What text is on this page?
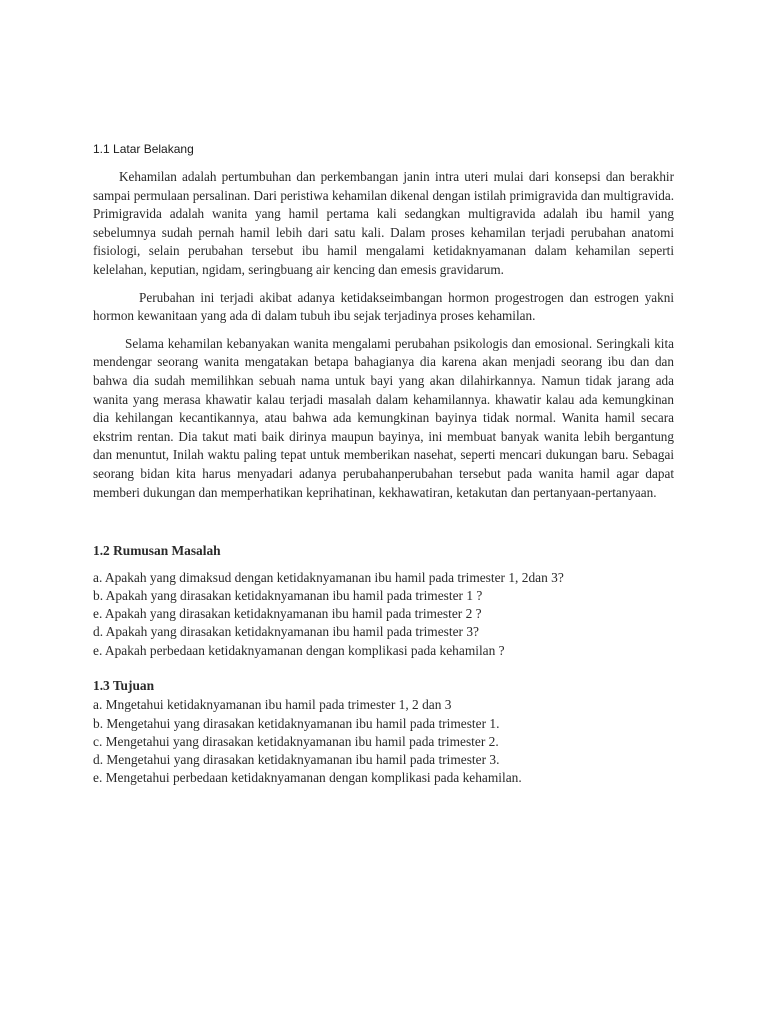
1.1 Latar Belakang

Kehamilan adalah pertumbuhan dan perkembangan janin intra uteri mulai dari konsepsi dan berakhir sampai permulaan persalinan. Dari peristiwa kehamilan dikenal dengan istilah primigravida dan multigravida. Primigravida adalah wanita yang hamil pertama kali sedangkan multigravida adalah ibu hamil yang sebelumnya sudah pernah hamil lebih dari satu kali. Dalam proses kehamilan terjadi perubahan anatomi fisiologi, selain perubahan tersebut ibu hamil mengalami ketidaknyamanan dalam kehamilan seperti kelelahan, keputian, ngidam, seringbuang air kencing dan emesis gravidarum.

Perubahan ini terjadi akibat adanya ketidakseimbangan hormon progestrogen dan estrogen yakni hormon kewanitaan yang ada di dalam tubuh ibu sejak terjadinya proses kehamilan.

Selama kehamilan kebanyakan wanita mengalami perubahan psikologis dan emosional. Seringkali kita mendengar seorang wanita mengatakan betapa bahagianya dia karena akan menjadi seorang ibu dan dan bahwa dia sudah memilihkan sebuah nama untuk bayi yang akan dilahirkannya. Namun tidak jarang ada wanita yang merasa khawatir kalau terjadi masalah dalam kehamilannya. khawatir kalau ada kemungkinan dia kehilangan kecantikannya, atau bahwa ada kemungkinan bayinya tidak normal. Wanita hamil secara ekstrim rentan. Dia takut mati baik dirinya maupun bayinya, ini membuat banyak wanita lebih bergantung dan menuntut, Inilah waktu paling tepat untuk memberikan nasehat, seperti mencari dukungan baru. Sebagai seorang bidan kita harus menyadari adanya perubahanperubahan tersebut pada wanita hamil agar dapat memberi dukungan dan memperhatikan keprihatinan, kekhawatiran, ketakutan dan pertanyaan-pertanyaan.

1.2 Rumusan Masalah
a. Apakah yang dimaksud dengan ketidaknyamanan ibu hamil pada trimester 1, 2dan 3?
b. Apakah yang dirasakan ketidaknyamanan ibu hamil pada trimester 1 ?
e. Apakah yang dirasakan ketidaknyamanan ibu hamil pada trimester 2 ?
d. Apakah yang dirasakan ketidaknyamanan ibu hamil pada trimester 3?
e. Apakah perbedaan ketidaknyamanan dengan komplikasi pada kehamilan ?
1.3 Tujuan
a. Mngetahui ketidaknyamanan ibu hamil pada trimester 1, 2 dan 3
b. Mengetahui yang dirasakan ketidaknyamanan ibu hamil pada trimester 1.
c. Mengetahui yang dirasakan ketidaknyamanan ibu hamil pada trimester 2.
d. Mengetahui yang dirasakan ketidaknyamanan ibu hamil pada trimester 3.
e. Mengetahui perbedaan ketidaknyamanan dengan komplikasi pada kehamilan.
